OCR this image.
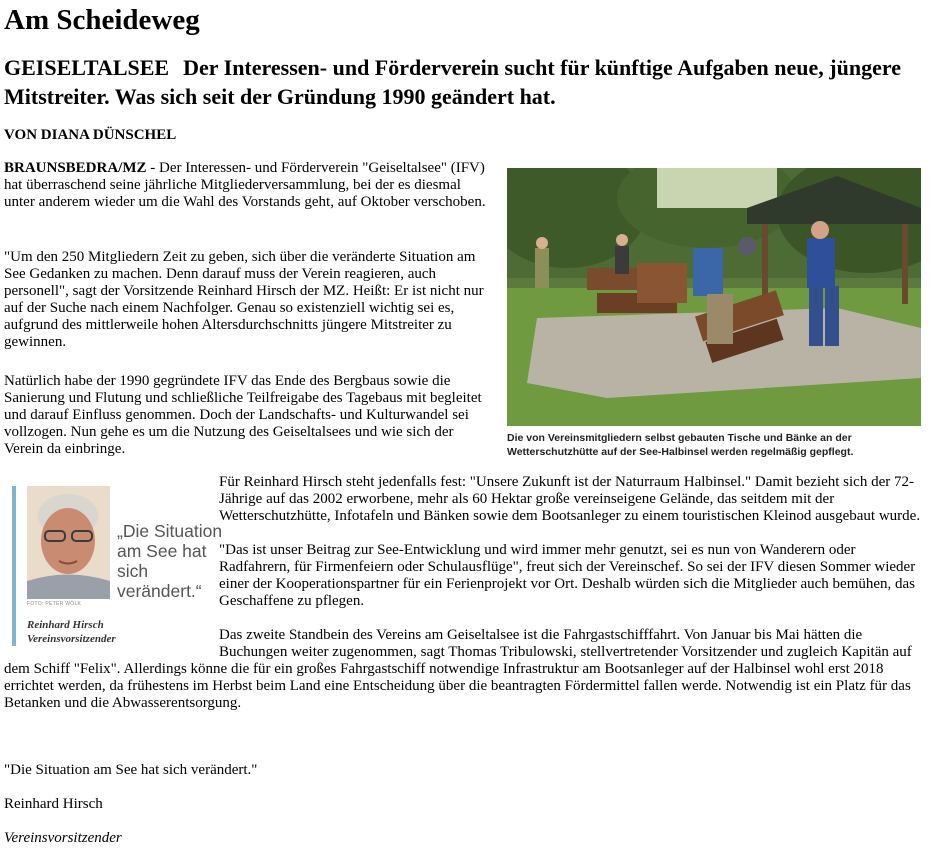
Am Scheideweg

GEISELTALSEE Der Interessen- und Förderverein sucht für künftige Aufgaben neue, jüngere Mitstreiter. Was sich seit der Gründung 1990 geändert hat.

VON DIANA DÜNSCHEL

BRAUNSBEDRA/MZ - Der Interessen- und Förderverein "Geiseltalsee" (IFV) hat überraschend seine jährliche Mitgliederversammlung, bei der es diesmal unter anderem wieder um die Wahl des Vorstands geht, auf Oktober verschoben.

"Um den 250 Mitgliedern Zeit zu geben, sich über die veränderte Situation am See Gedanken zu machen. Denn darauf muss der Verein reagieren, auch personell", sagt der Vorsitzende Reinhard Hirsch der MZ. Heißt: Er ist nicht nur auf der Suche nach einem Nachfolger. Genau so existenziell wichtig sei es, aufgrund des mittlerweile hohen Altersdurchschnitts jüngere Mitstreiter zu gewinnen.

Natürlich habe der 1990 gegründete IFV das Ende des Bergbaus sowie die Sanierung und Flutung und schließliche Teilfreigabe des Tagebaus mit begleitet und darauf Einfluss genommen. Doch der Landschafts- und Kulturwandel sei vollzogen. Nun gehe es um die Nutzung des Geiseltalsees und wie sich der Verein da einbringe.

Die von Vereinsmitgliedern selbst gebauten Tische und Bänke an der Wetterschutzhütte auf der See-Halbinsel werden regelmäßig gepflegt.

FOTO: PETER WÖLK

„Die Situation am See hat sich verändert.“

Reinhard Hirsch

Vereinsvorsitzender

Für Reinhard Hirsch steht jedenfalls fest: "Unsere Zukunft ist der Naturraum Halbinsel." Damit bezieht sich der 72-Jährige auf das 2002 erworbene, mehr als 60 Hektar große vereinseigene Gelände, das seitdem mit der Wetterschutzhütte, Infotafeln und Bänken sowie dem Bootsanleger zu einem touristischen Kleinod ausgebaut wurde.

"Das ist unser Beitrag zur See-Entwicklung und wird immer mehr genutzt, sei es nun von Wanderern oder Radfahrern, für Firmenfeiern oder Schulausflüge", freut sich der Vereinschef. So sei der IFV diesen Sommer wieder einer der Kooperationspartner für ein Ferienprojekt vor Ort. Deshalb würden sich die Mitglieder auch bemühen, das Geschaffene zu pflegen.

Das zweite Standbein des Vereins am Geiseltalsee ist die Fahrgastschifffahrt. Von Januar bis Mai hätten die Buchungen weiter zugenommen, sagt Thomas Tribulowski, stellvertretender Vorsitzender und zugleich Kapitän auf dem Schiff "Felix". Allerdings könne die für ein großes Fahrgastschiff notwendige Infrastruktur am Bootsanleger auf der Halbinsel wohl erst 2018 errichtet werden, da frühestens im Herbst beim Land eine Entscheidung über die beantragten Fördermittel fallen werde. Notwendig ist ein Platz für das Betanken und die Abwasserentsorgung.

"Die Situation am See hat sich verändert."

Reinhard Hirsch

Vereinsvorsitzender
